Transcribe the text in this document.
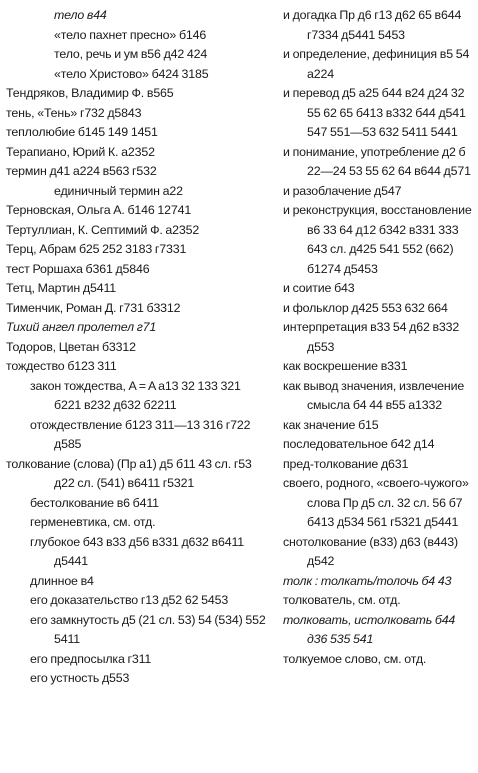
тело в44
«тело пахнет пресно» б146
тело, речь и ум в56 д42 424
«тело Христово» б424 3185
Тендряков, Владимир Ф. в565
тень, «Тень» г732 д5843
теплолюбие б145 149 1451
Терапиано, Юрий К. а2352
термин д41 а224 в563 г532
единичный термин а22
Терновская, Ольга А. б146 12741
Тертуллиан, К. Септимий Ф. а2352
Терц, Абрам б25 252 3183 г7331
тест Роршаха б361 д5846
Тетц, Мартин д5411
Тименчик, Роман Д. г731 б3312
Тихий ангел пролетел г71
Тодоров, Цветан б3312
тождество б123 311
закон тождества, A = A а13 32 133 321 б221 в232 д632 б2211
отождествление б123 311—13 316 г722 д585
толкование (слова) (Пр а1) д5 б11 43 сл. г53 д22 сл. (541) в6411 г5321
бестолкование в6 б411
герменевтика, см. отд.
глубокое б43 в33 д56 в331 д632 в6411 д5441
длинное в4
его доказательство г13 д52 62 5453
его замкнутость д5 (21 сл. 53) 54 (534) 552 5411
его предпосылка г311
его устность д553
и догадка Пр д6 г13 д62 65 в644 г7334 д5441 5453
и определение, дефиниция в5 54 а224
и перевод д5 а25 б44 в24 д24 32 55 62 65 б413 в332 б44 д541 547 551—53 632 5411 5441
и понимание, употребление д2 б 22—24 53 55 62 64 в644 д571
и разоблачение д547
и реконструкция, восстановление в6 33 64 д12 б342 в331 333 643 сл. д425 541 552 (662) б1274 д5453
и соитие б43
и фольклор д425 553 632 664
интерпретация в33 54 д62 в332 д553
как воскрешение в331
как вывод значения, извлечение смысла б4 44 в55 а1332
как значение б15
последовательное б42 д14
пред-толкование д631
своего, родного, «своего-чужого» слова Пр д5 сл. 32 сл. 56 б7 б413 д534 561 г5321 д5441
снотолкование (в33) д63 (в443) д542
толк : толкать/толочь б4 43
толкователь, см. отд.
толковать, истолковать б44 д36 535 541
толкуемое слово, см. отд.
